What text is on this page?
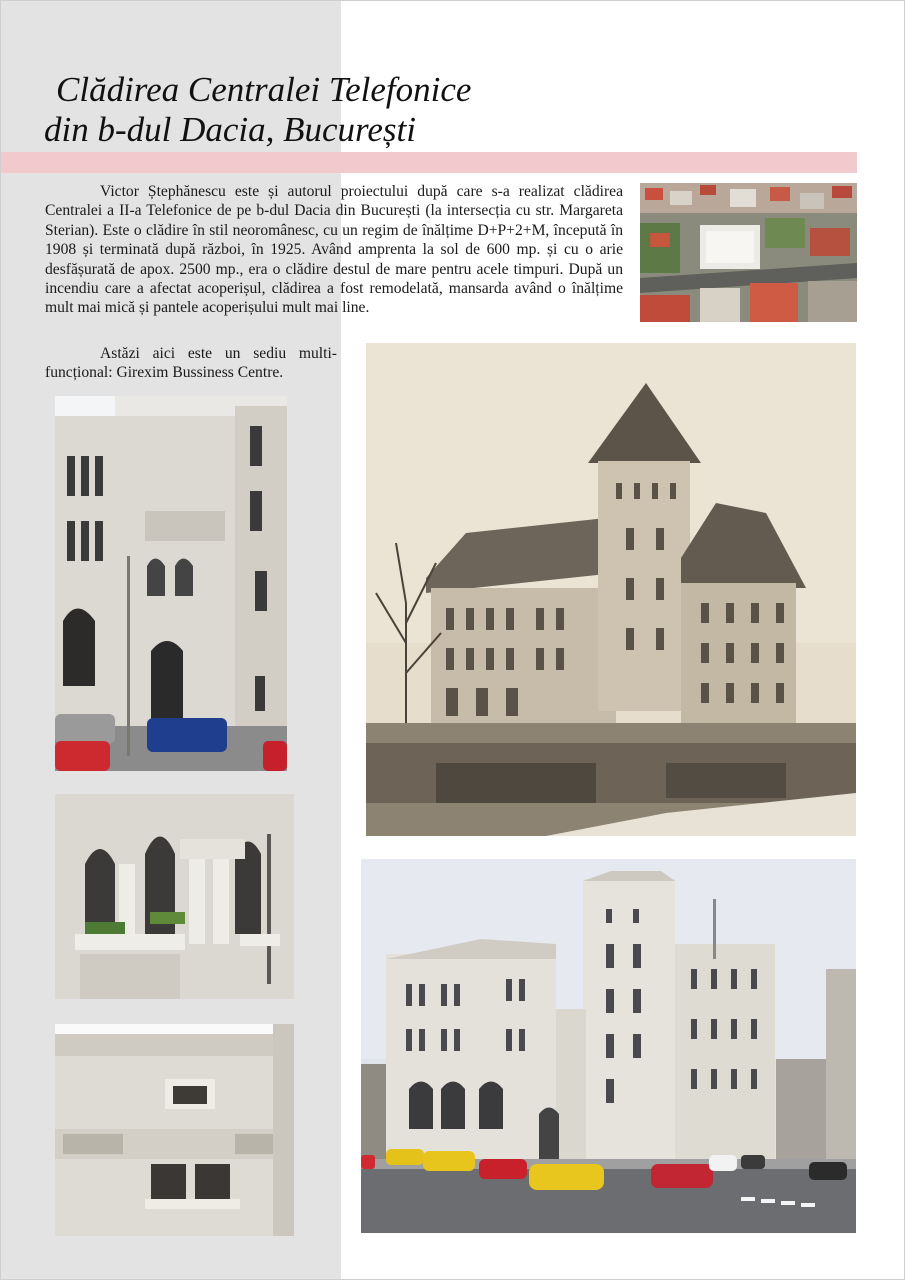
Clădirea Centralei Telefonice
din b-dul Dacia, București

Victor Ștephănescu este și autorul proiectului după care s-a realizat clădirea Centralei a II-a Telefonice de pe b-dul Dacia din București (la intersecția cu str. Margareta Sterian). Este o clădire în stil neoromânesc, cu un regim de înălțime D+P+2+M, începută în 1908 și terminată după război, în 1925. Având amprenta la sol de 600 mp. și cu o arie desfășurată de apox. 2500 mp., era o clădire destul de mare pentru acele timpuri. După un incendiu care a afectat acoperișul, clădirea a fost remodelată, mansarda având o înălțime mult mai mică și pantele acoperișului mult mai line.

Astăzi aici este un sediu multi-funcțional: Girexim Bussiness Centre.
